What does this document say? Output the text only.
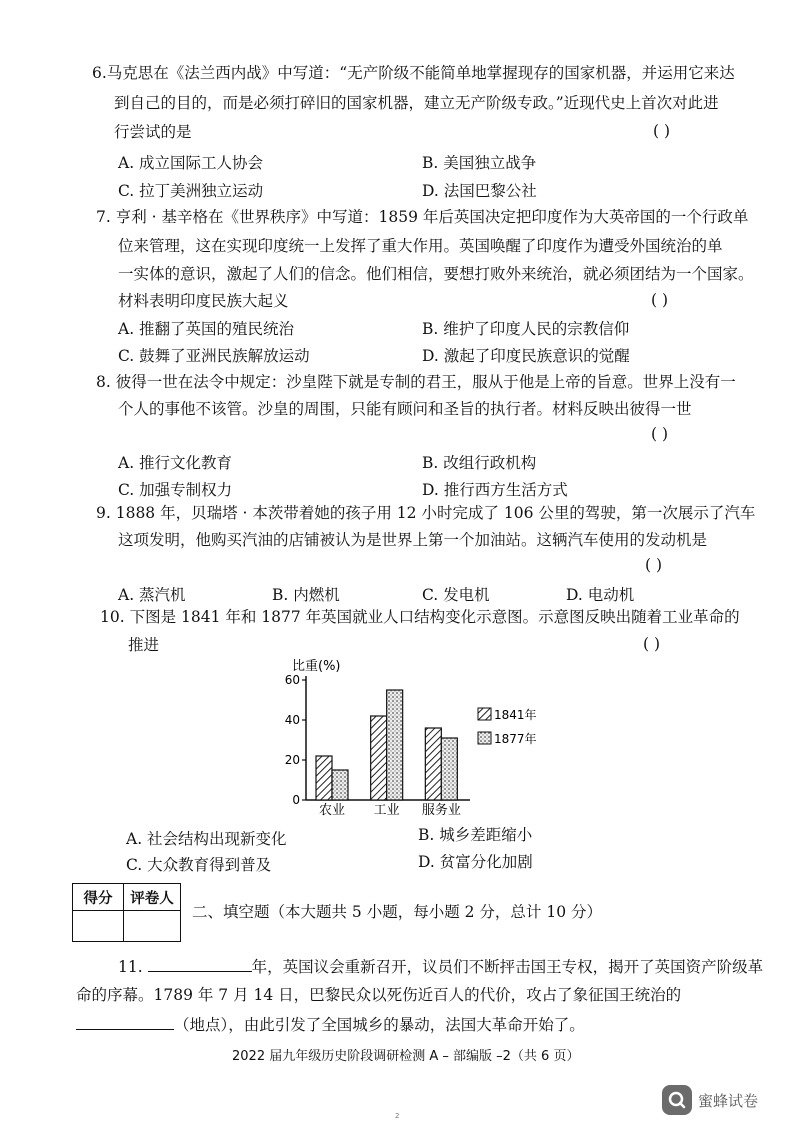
6.马克思在《法兰西内战》中写道：“无产阶级不能简单地掌握现存的国家机器，并运用它来达
到自己的目的，而是必须打碎旧的国家机器，建立无产阶级专政。”近现代史上首次对此进
行尝试的是	( )
A. 成立国际工人协会	B. 美国独立战争
C. 拉丁美洲独立运动	D. 法国巴黎公社
7. 亨利 · 基辛格在《世界秩序》中写道：1859 年后英国决定把印度作为大英帝国的一个行政单
位来管理，这在实现印度统一上发挥了重大作用。英国唤醒了印度作为遭受外国统治的单
一实体的意识，激起了人们的信念。他们相信，要想打败外来统治，就必须团结为一个国家。
材料表明印度民族大起义	( )
A. 推翻了英国的殖民统治	B. 维护了印度人民的宗教信仰
C. 鼓舞了亚洲民族解放运动	D. 激起了印度民族意识的觉醒
8. 彼得一世在法令中规定：沙皇陛下就是专制的君王，服从于他是上帝的旨意。世界上没有一
个人的事他不该管。沙皇的周围，只能有顾问和圣旨的执行者。材料反映出彼得一世
( )
A. 推行文化教育	B. 改组行政机构
C. 加强专制权力	D. 推行西方生活方式
9. 1888 年，贝瑞塔 · 本茨带着她的孩子用 12 小时完成了 106 公里的驾驶，第一次展示了汽车
这项发明，他购买汽油的店铺被认为是世界上第一个加油站。这辆汽车使用的发动机是
( )
A. 蒸汽机	B. 内燃机	C. 发电机	D. 电动机
10. 下图是 1841 年和 1877 年英国就业人口结构变化示意图。示意图反映出随着工业革命的
推进	( )
比重(%)
0
20
40
60
农业 工业 服务业
1841年
1877年
A. 社会结构出现新变化	B. 城乡差距缩小
C. 大众教育得到普及	D. 贫富分化加剧
得分	评卷人

二、填空题（本大题共 5 小题，每小题 2 分，总计 10 分）
11.	年，英国议会重新召开，议员们不断抨击国王专权，揭开了英国资产阶级革
命的序幕。1789 年 7 月 14 日，巴黎民众以死伤近百人的代价，攻占了象征国王统治的
（地点），由此引发了全国城乡的暴动，法国大革命开始了。
2022 届九年级历史阶段调研检测 A – 部编版 –2（共 6 页）
2
蜜蜂试卷
